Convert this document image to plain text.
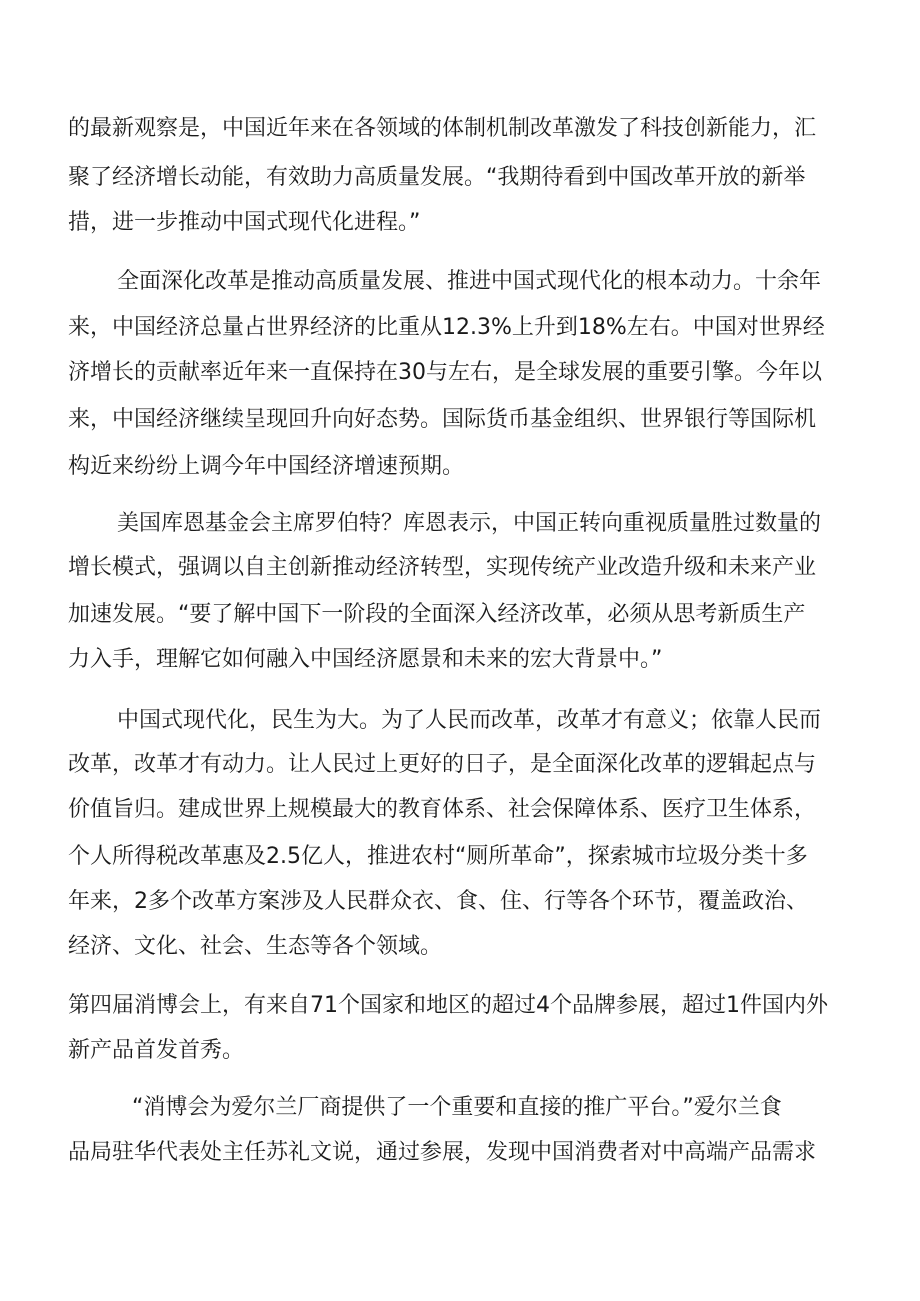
的最新观察是，中国近年来在各领域的体制机制改革激发了科技创新能力，汇
聚了经济增长动能，有效助力高质量发展。“我期待看到中国改革开放的新举
措，进一步推动中国式现代化进程。”
全面深化改革是推动高质量发展、推进中国式现代化的根本动力。十余年
来，中国经济总量占世界经济的比重从12.3%上升到18%左右。中国对世界经
济增长的贡献率近年来一直保持在30与左右，是全球发展的重要引擎。今年以
来，中国经济继续呈现回升向好态势。国际货币基金组织、世界银行等国际机
构近来纷纷上调今年中国经济增速预期。
美国库恩基金会主席罗伯特？库恩表示，中国正转向重视质量胜过数量的
增长模式，强调以自主创新推动经济转型，实现传统产业改造升级和未来产业
加速发展。“要了解中国下一阶段的全面深入经济改革，必须从思考新质生产
力入手，理解它如何融入中国经济愿景和未来的宏大背景中。”
中国式现代化，民生为大。为了人民而改革，改革才有意义；依靠人民而
改革，改革才有动力。让人民过上更好的日子，是全面深化改革的逻辑起点与
价值旨归。建成世界上规模最大的教育体系、社会保障体系、医疗卫生体系，
个人所得税改革惠及2.5亿人，推进农村“厕所革命”，探索城市垃圾分类十多
年来，2多个改革方案涉及人民群众衣、食、住、行等各个环节，覆盖政治、
经济、文化、社会、生态等各个领域。
第四届消博会上，有来自71个国家和地区的超过4个品牌参展，超过1件国内外
新产品首发首秀。
“消博会为爱尔兰厂商提供了一个重要和直接的推广平台。”爱尔兰食
品局驻华代表处主任苏礼文说，通过参展，发现中国消费者对中高端产品需求
